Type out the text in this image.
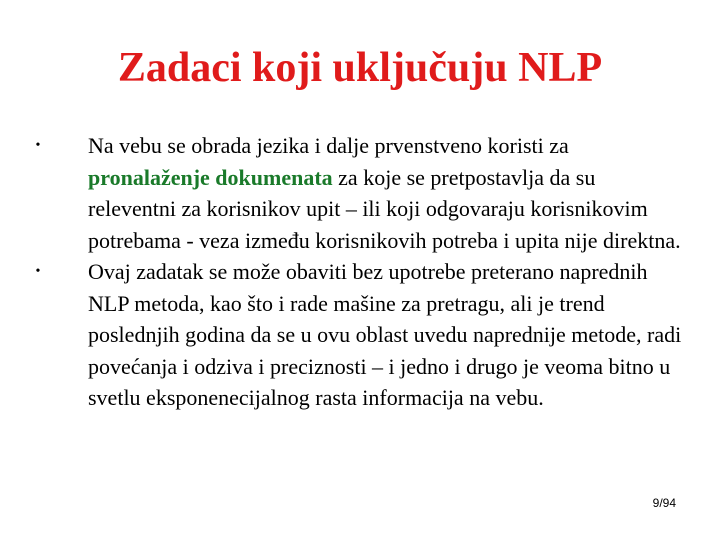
Zadaci koji uključuju NLP
•	Na vebu se obrada jezika i dalje prvenstveno koristi za pronalaženje dokumenata za koje se pretpostavlja da su releventni za korisnikov upit – ili koji odgovaraju korisnikovim potrebama - veza između korisnikovih potreba i upita nije direktna.
•	Ovaj zadatak se može obaviti bez upotrebe preterano naprednih NLP metoda, kao što i rade mašine za pretragu, ali je trend poslednjih godina da se u ovu oblast uvedu naprednije metode, radi povećanja i odziva i preciznosti – i jedno i drugo je veoma bitno u svetlu eksponenecijalnog rasta informacija na vebu.
9/94
